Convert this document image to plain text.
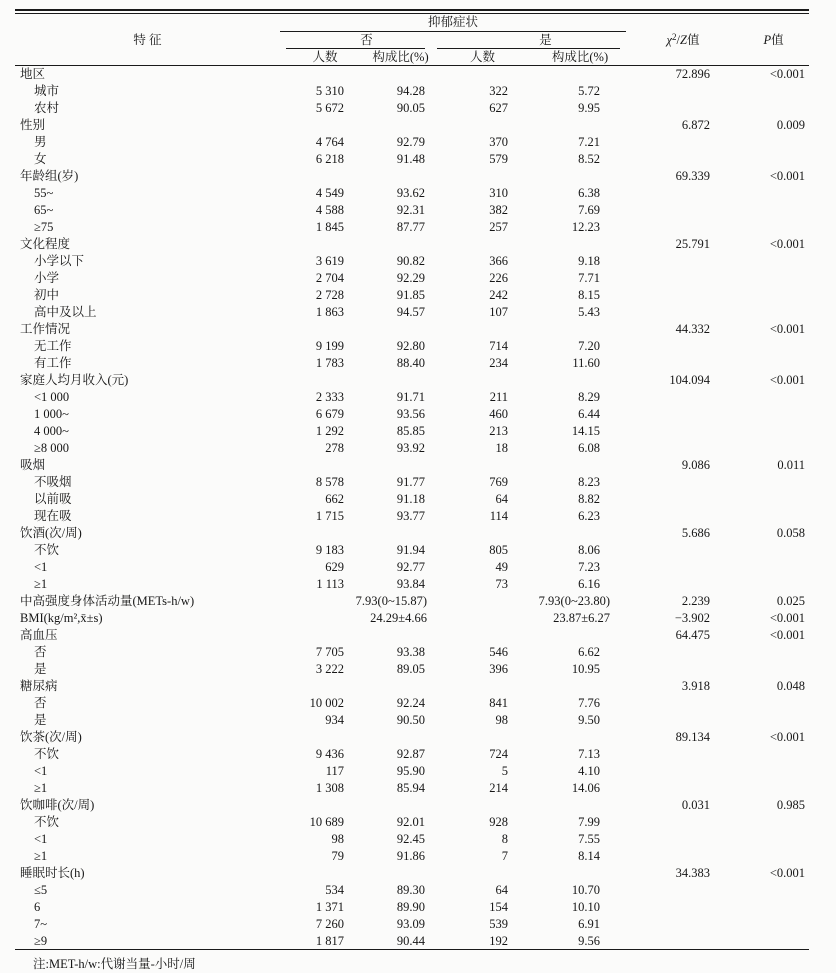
特 征	抑郁症状				$\chi^2/Z$值	P值

	否		是			

	人数	构成比(%)	人数	构成比(%)		
地区					72.896	<0.001
城市	5 310	94.28	322	5.72		
农村	5 672	90.05	627	9.95		
性别					6.872	0.009
男	4 764	92.79	370	7.21		
女	6 218	91.48	579	8.52		
年龄组(岁)					69.339	<0.001
55~	4 549	93.62	310	6.38		
65~	4 588	92.31	382	7.69		
≥75	1 845	87.77	257	12.23		
文化程度					25.791	<0.001
小学以下	3 619	90.82	366	9.18		
小学	2 704	92.29	226	7.71		
初中	2 728	91.85	242	8.15		
高中及以上	1 863	94.57	107	5.43		
工作情况					44.332	<0.001
无工作	9 199	92.80	714	7.20		
有工作	1 783	88.40	234	11.60		
家庭人均月收入(元)					104.094	<0.001
<1 000	2 333	91.71	211	8.29		
1 000~	6 679	93.56	460	6.44		
4 000~	1 292	85.85	213	14.15		
≥8 000	278	93.92	18	6.08		
吸烟					9.086	0.011
不吸烟	8 578	91.77	769	8.23		
以前吸	662	91.18	64	8.82		
现在吸	1 715	93.77	114	6.23		
饮酒(次/周)					5.686	0.058
不饮	9 183	91.94	805	8.06		
<1	629	92.77	49	7.23		
≥1	1 113	93.84	73	6.16		
中高强度身体活动量(METs-h/w)	7.93(0~15.87)		7.93(0~23.80)		2.239	0.025
BMI(kg/m²,x̄±s)	24.29±4.66		23.87±6.27		−3.902	<0.001
高血压					64.475	<0.001
否	7 705	93.38	546	6.62		
是	3 222	89.05	396	10.95		
糖尿病					3.918	0.048
否	10 002	92.24	841	7.76		
是	934	90.50	98	9.50		
饮茶(次/周)					89.134	<0.001
不饮	9 436	92.87	724	7.13		
<1	117	95.90	5	4.10		
≥1	1 308	85.94	214	14.06		
饮咖啡(次/周)					0.031	0.985
不饮	10 689	92.01	928	7.99		
<1	98	92.45	8	7.55		
≥1	79	91.86	7	8.14		
睡眠时长(h)					34.383	<0.001
≤5	534	89.30	64	10.70		
6	1 371	89.90	154	10.10		
7~	7 260	93.09	539	6.91		
≥9	1 817	90.44	192	9.56		
注:MET-h/w:代谢当量-小时/周
